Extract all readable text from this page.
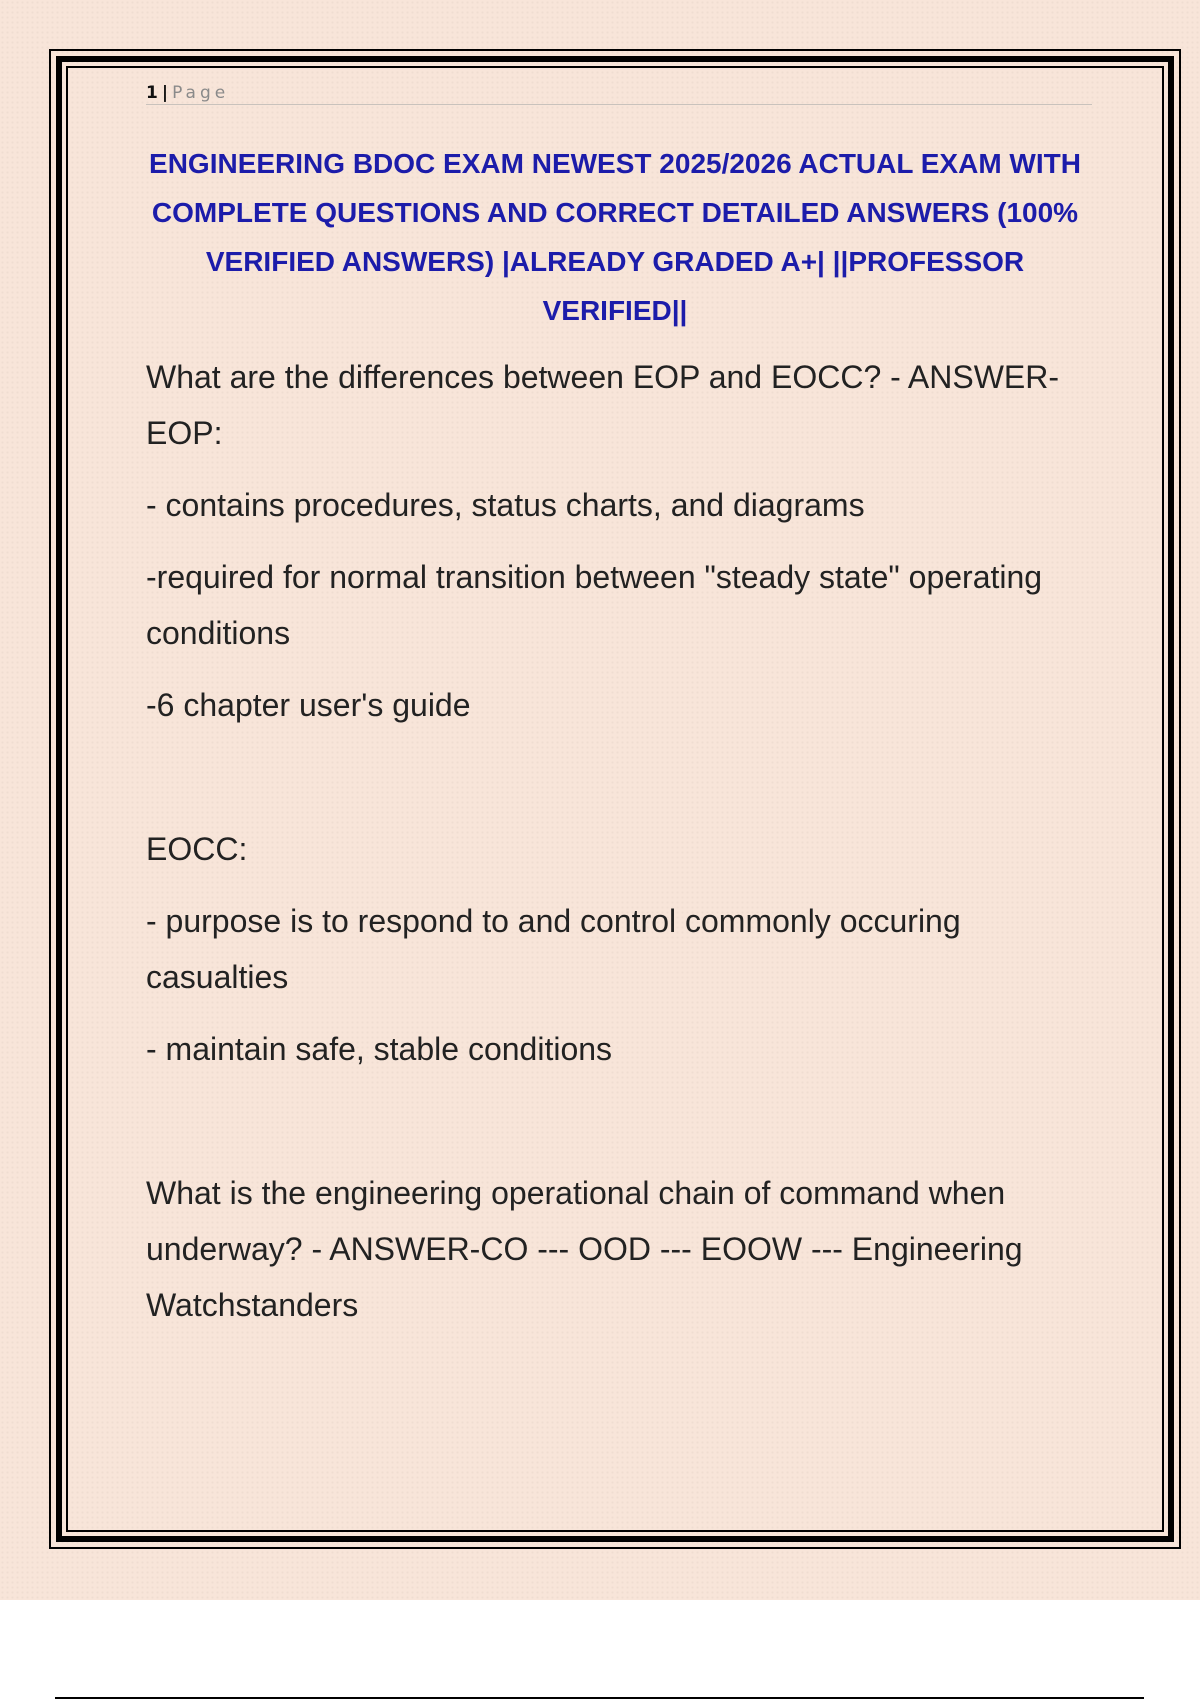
1 | Page
ENGINEERING BDOC EXAM NEWEST 2025/2026 ACTUAL EXAM WITH COMPLETE QUESTIONS AND CORRECT DETAILED ANSWERS (100% VERIFIED ANSWERS) |ALREADY GRADED A+| ||PROFESSOR VERIFIED||

What are the differences between EOP and EOCC? - ANSWER-EOP:

- contains procedures, status charts, and diagrams

-required for normal transition between "steady state" operating conditions

-6 chapter user's guide

EOCC:

- purpose is to respond to and control commonly occuring casualties

- maintain safe, stable conditions

What is the engineering operational chain of command when underway? - ANSWER-CO --- OOD --- EOOW --- Engineering Watchstanders
